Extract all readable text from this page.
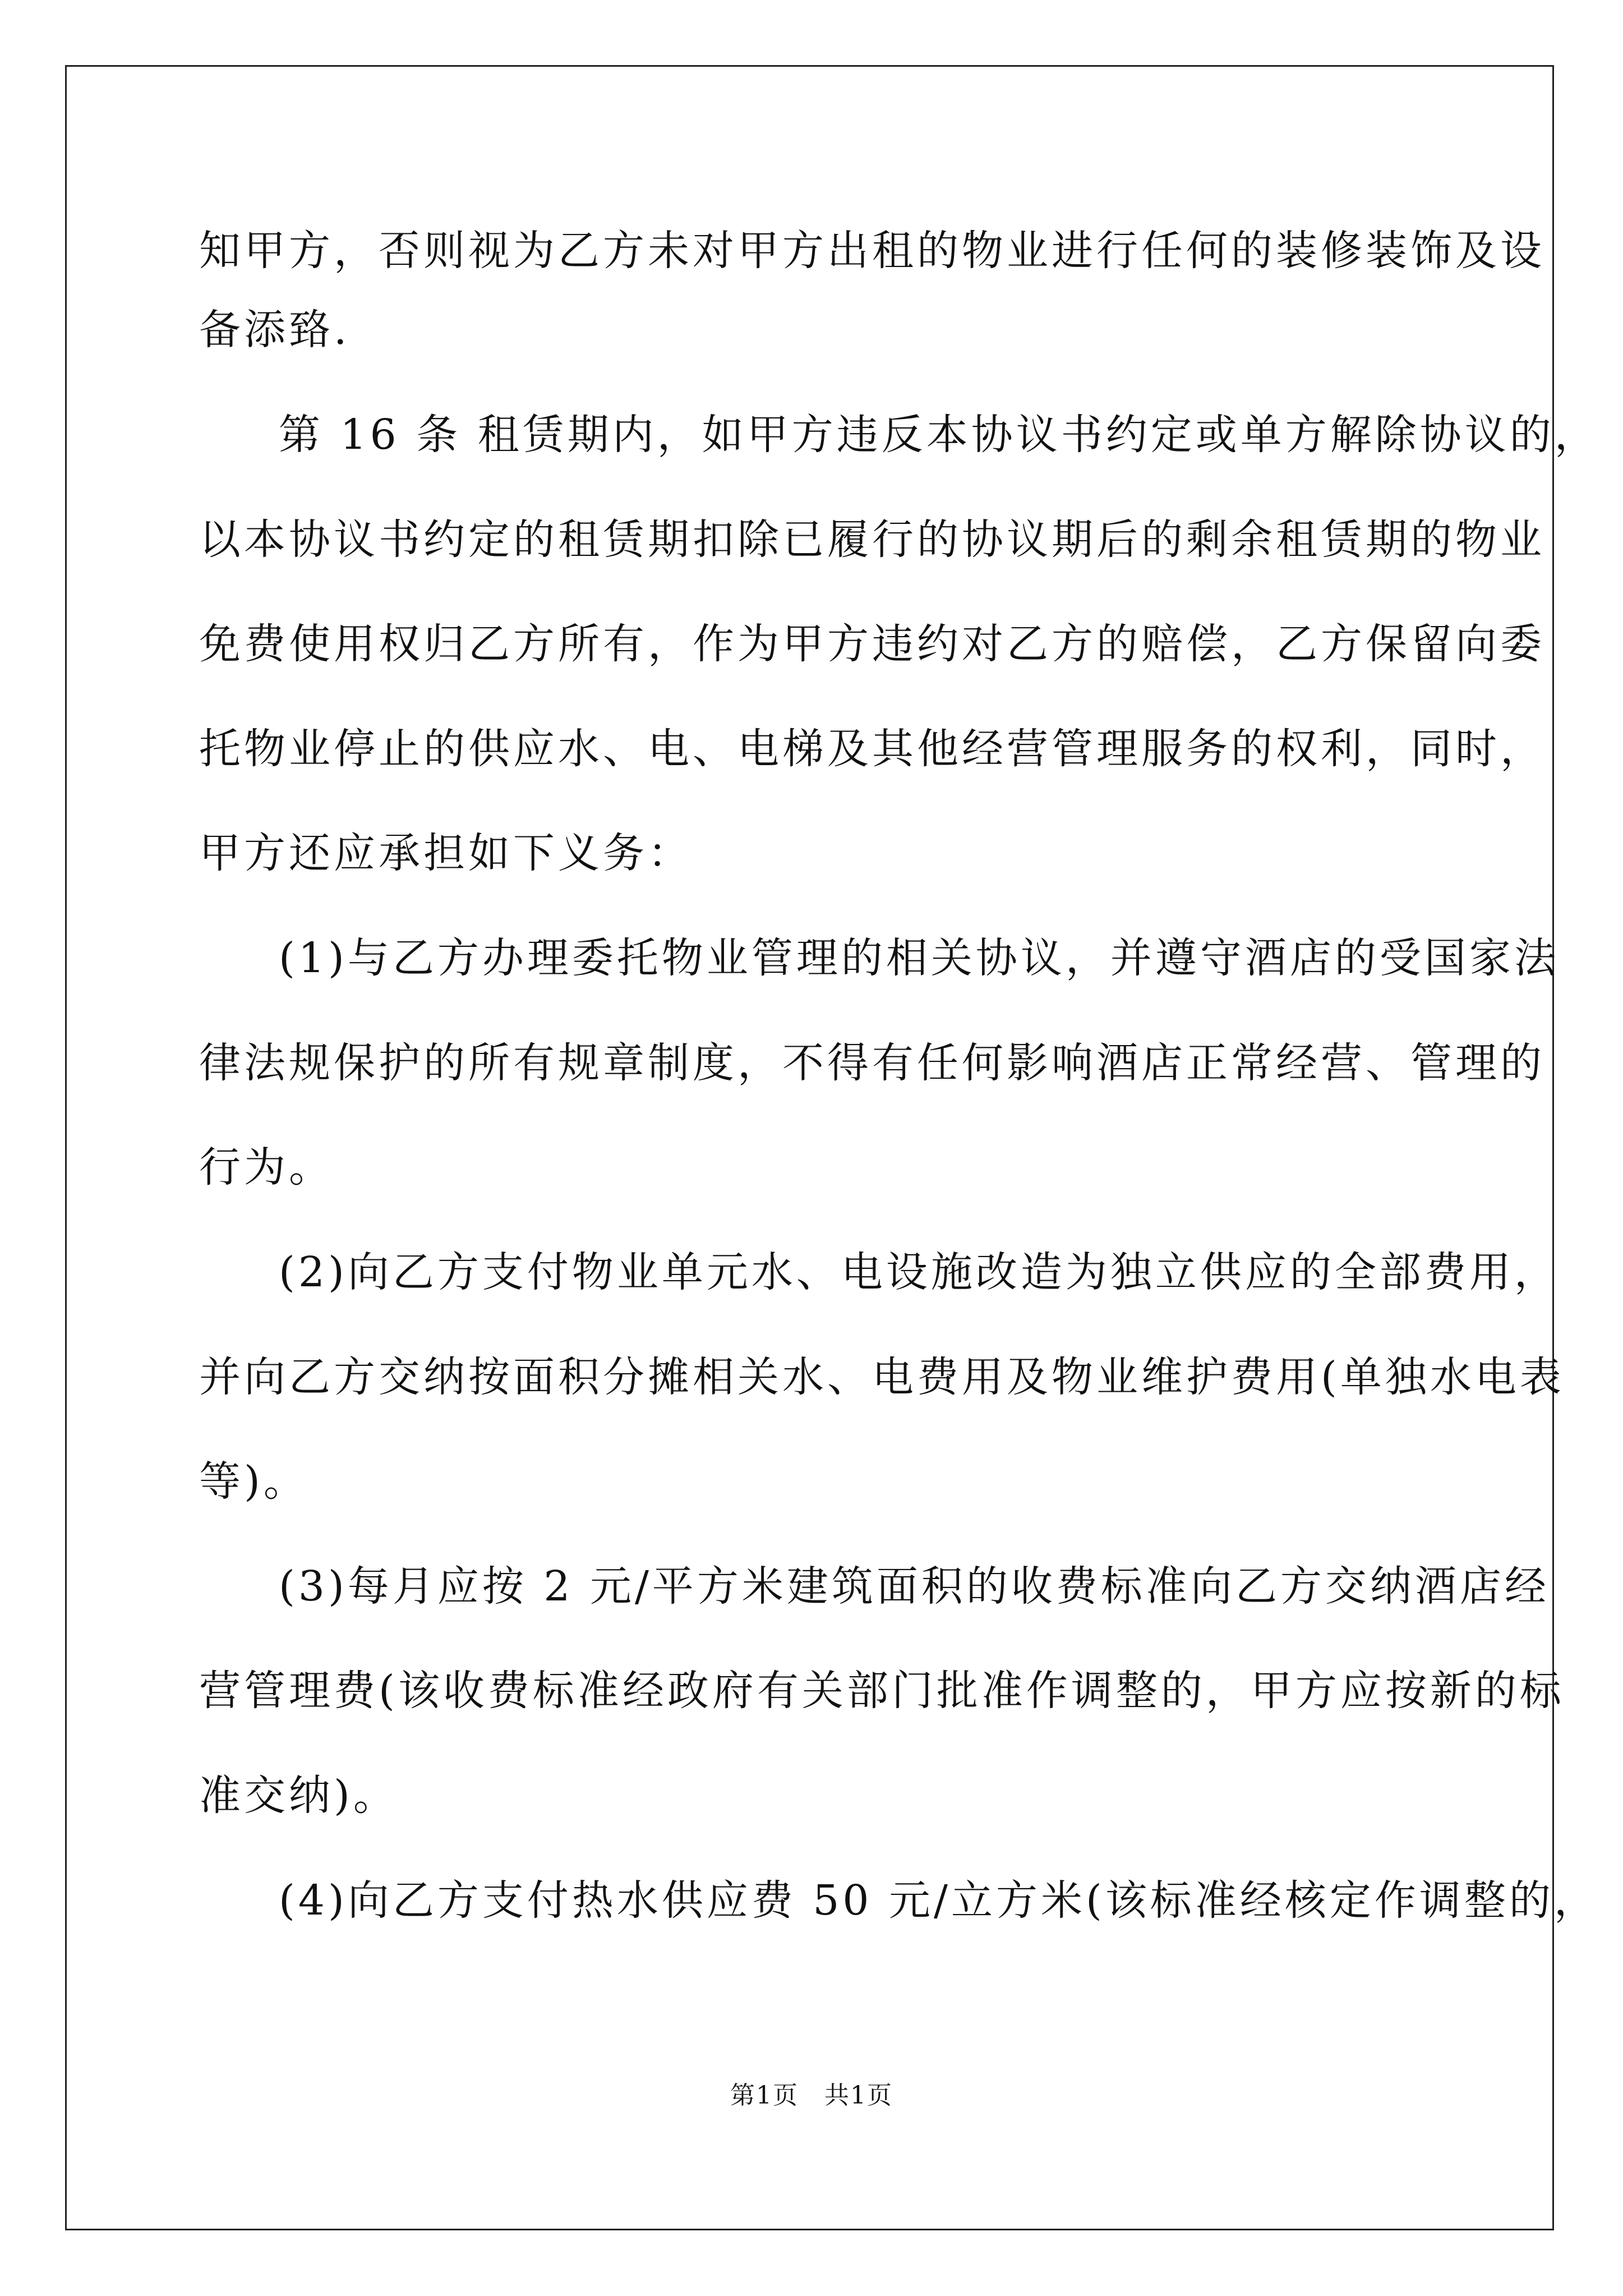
知甲方，否则视为乙方未对甲方出租的物业进行任何的装修装饰及设
备添臵.
第 16 条 租赁期内，如甲方违反本协议书约定或单方解除协议的，
以本协议书约定的租赁期扣除已履行的协议期后的剩余租赁期的物业
免费使用权归乙方所有，作为甲方违约对乙方的赔偿，乙方保留向委
托物业停止的供应水、电、电梯及其他经营管理服务的权利，同时，
甲方还应承担如下义务：
(1)与乙方办理委托物业管理的相关协议，并遵守酒店的受国家法
律法规保护的所有规章制度，不得有任何影响酒店正常经营、管理的
行为。
(2)向乙方支付物业单元水、电设施改造为独立供应的全部费用，
并向乙方交纳按面积分摊相关水、电费用及物业维护费用(单独水电表
等)。
(3)每月应按 2 元/平方米建筑面积的收费标准向乙方交纳酒店经
营管理费(该收费标准经政府有关部门批准作调整的，甲方应按新的标
准交纳)。
(4)向乙方支付热水供应费 50 元/立方米(该标准经核定作调整的，
第1页　共1页
